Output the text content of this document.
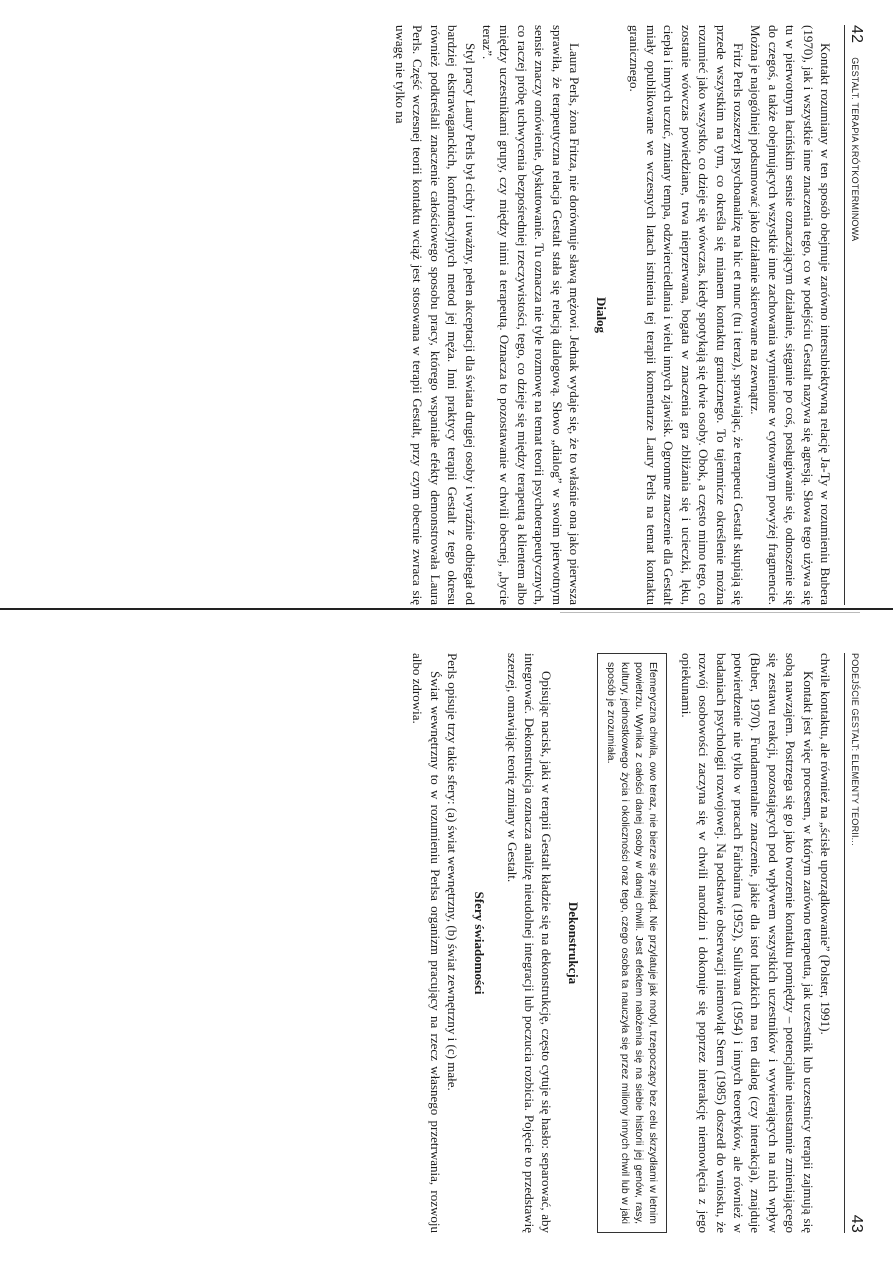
42
GESTALT. TERAPIA KRÓTKOTERMINOWA

Kontakt rozumiany w ten sposób obejmuje zarówno intersubiektywną relację Ja-Ty w rozumieniu Bubera (1970), jak i wszystkie inne znaczenia tego, co w podejściu Gestalt nazywa się agresją. Słowa tego używa się tu w pierwotnym łacińskim sensie oznaczającym działanie, sięganie po coś, posługiwanie się, odnoszenie się do czegoś, a także obejmujących wszystkie inne zachowania wymienione w cytowanym powyżej fragmencie. Można je najogólniej podsumować jako działanie skierowane na zewnątrz.

Fritz Perls rozszerzył psychoanalizę na hic et nunc (tu i teraz), sprawiając, że terapeuci Gestalt skupiają się przede wszystkim na tym, co określa się mianem kontaktu granicznego. To tajemnicze określenie można rozumieć jako wszystko, co dzieje się wówczas, kiedy spotykają się dwie osoby. Obok, a często mimo tego, co zostanie wówczas powiedziane, trwa nieprzerwana, bogata w znaczenia gra zbliżania się i ucieczki, lęku, ciepła i innych uczuć, zmiany tempa, odzwierciedlania i wielu innych zjawisk. Ogromne znaczenie dla Gestalt miały opublikowane we wczesnych latach istnienia tej terapii komentarze Laury Perls na temat kontaktu granicznego.

Dialog

Laura Perls, żona Fritza, nie dorównuje sławą mężowi. Jednak wydaje się, że to właśnie ona jako pierwsza sprawiła, że terapeutyczna relacja Gestalt stała się relacją dialogową. Słowo „dialog” w swoim pierwotnym sensie znaczy omówienie, dyskutowanie. Tu oznacza nie tyle rozmowę na temat teorii psychoterapeutycznych, co raczej próbę uchwycenia bezpośredniej rzeczywistości, tego, co dzieje się między terapeutą a klientem albo między uczestnikami grupy, czy między nimi a terapeutą. Oznacza to pozostawanie w chwili obecnej, „bycie teraz”.

Styl pracy Laury Perls był cichy i uważny, pełen akceptacji dla świata drugiej osoby i wyraźnie odbiegał od bardziej ekstrawaganckich, konfrontacyjnych metod jej męża. Inni praktycy terapii Gestalt z tego okresu również podkreślali znaczenie całościowego sposobu pracy, którego wspaniałe efekty demonstrowała Laura Perls. Część wczesnej teorii kontaktu wciąż jest stosowana w terapii Gestalt, przy czym obecnie zwraca się uwagę nie tylko na

PODEJŚCIE GESTALT: ELEMENTY TEORII...
43

chwile kontaktu, ale również na „ścisłe uporządkowanie” (Polster, 1991).

Kontakt jest więc procesem, w którym zarówno terapeuta, jak uczestnik lub uczestnicy terapii zajmują się sobą nawzajem. Postrzega się go jako tworzenie kontaktu pomiędzy – potencjalnie nieustannie zmieniającego się zestawu reakcji, pozostających pod wpływem wszystkich uczestników i wywierających na nich wpływ (Buber, 1970). Fundamentalne znaczenie, jakie dla istot ludzkich ma ten dialog (czy interakcja), znajduje potwierdzenie nie tylko w pracach Fairbairna (1952), Sullivana (1954) i innych teoretyków, ale również w badaniach psychologii rozwojowej. Na podstawie obserwacji niemowląt Stern (1985) doszedł do wniosku, że rozwój osobowości zaczyna się w chwili narodzin i dokonuje się poprzez interakcję niemowlęcia z jego opiekunami.

Efemeryczna chwila, owo teraz, nie bierze się znikąd. Nie przylatuje jak motyl, trzepoczący bez celu skrzydłami w letnim powietrzu. Wynika z całości danej osoby w danej chwili. Jest efektem nałożenia się na siebie historii jej genów, rasy, kultury, jednostkowego życia i okoliczności oraz tego, czego osoba ta nauczyła się przez miliony innych chwil lub w jaki sposób je zrozumiała.

Dekonstrukcja

Opisując nacisk, jaki w terapii Gestalt kładzie się na dekonstrukcję, często cytuje się hasło: separować, aby integrować. Dekonstrukcja oznacza analizę nieudolnej integracji lub poczucia rozbicia. Pojęcie to przedstawię szerzej, omawiając teorię zmiany w Gestalt.

Sfery świadomości

Perls opisuje trzy takie sfery: (a) świat wewnętrzny, (b) świat zewnętrzny i (c) małe.

Świat wewnętrzny to w rozumieniu Perlsa organizm pracujący na rzecz własnego przetrwania, rozwoju albo zdrowia.
